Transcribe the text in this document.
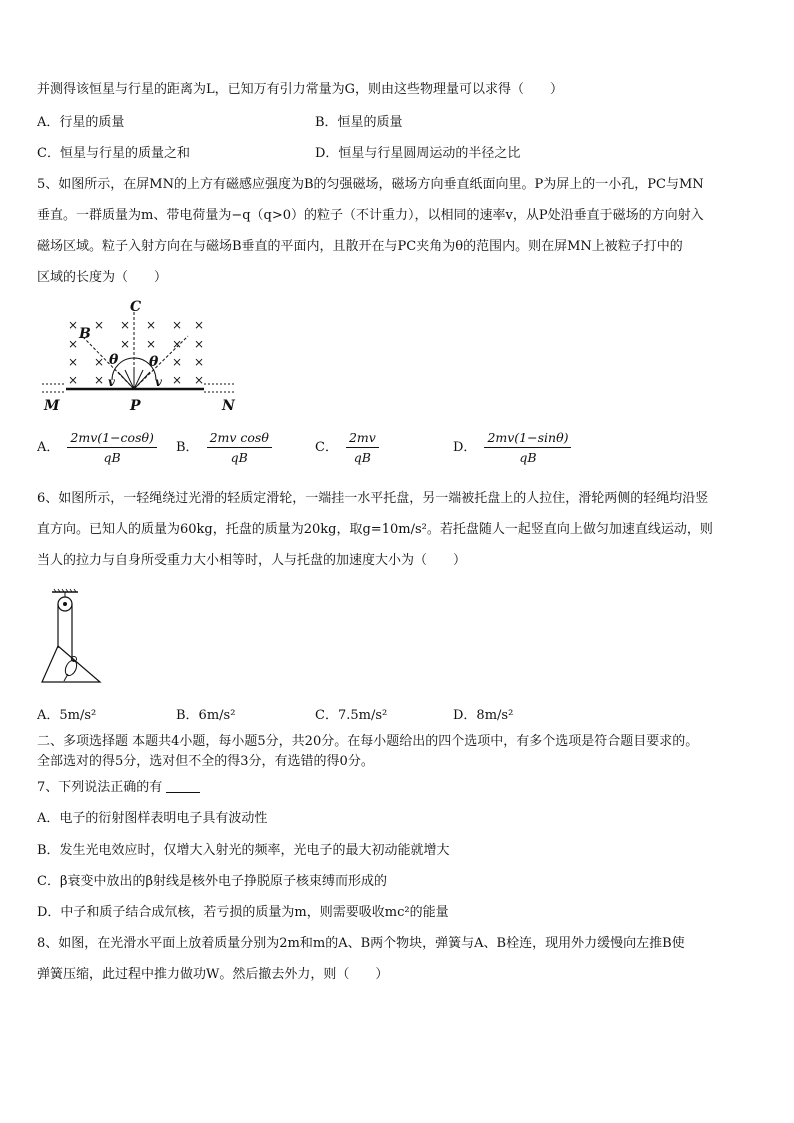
并测得该恒星与行星的距离为L，已知万有引力常量为G，则由这些物理量可以求得（　　）
A．行星的质量	B．恒星的质量
C．恒星与行星的质量之和	D．恒星与行星圆周运动的半径之比
5、如图所示，在屏MN的上方有磁感应强度为B的匀强磁场，磁场方向垂直纸面向里。P为屏上的一小孔，PC与MN
垂直。一群质量为m、带电荷量为−q（q>0）的粒子（不计重力），以相同的速率v，从P处沿垂直于磁场的方向射入
磁场区域。粒子入射方向在与磁场B垂直的平面内，且散开在与PC夹角为θ的范围内。则在屏MN上被粒子打中的
区域的长度为（　　）
× × × × × ×
×	× × × ×
× ×	× ×
× ×	× ×
C
B
θ θ
v	v
M	P	N
A． $\frac{2mv(1-\cos\theta)}{qB}$ B． $\frac{\text{2mv cosθ}}{qB}$	C． $\frac{2mv}{qB}$	D． $\frac{2mv(1-\sin\theta)}{qB}$
6、如图所示，一轻绳绕过光滑的轻质定滑轮，一端挂一水平托盘，另一端被托盘上的人拉住，滑轮两侧的轻绳均沿竖
直方向。已知人的质量为60kg，托盘的质量为20kg，取g=10m/s²。若托盘随人一起竖直向上做匀加速直线运动，则
当人的拉力与自身所受重力大小相等时，人与托盘的加速度大小为（　　）
A．5m/s²	B．6m/s²	C．7.5m/s²	D．8m/s²
二、多项选择题 本题共4小题，每小题5分，共20分。在每小题给出的四个选项中，有多个选项是符合题目要求的。
全部选对的得5分，选对但不全的得3分，有选错的得0分。
7、下列说法正确的有
A．电子的衍射图样表明电子具有波动性
B．发生光电效应时，仅增大入射光的频率，光电子的最大初动能就增大
C．β衰变中放出的β射线是核外电子挣脱原子核束缚而形成的
D．中子和质子结合成氘核，若亏损的质量为m，则需要吸收mc²的能量
8、如图，在光滑水平面上放着质量分别为2m和m的A、B两个物块，弹簧与A、B栓连，现用外力缓慢向左推B使
弹簧压缩，此过程中推力做功W。然后撤去外力，则（　　）
